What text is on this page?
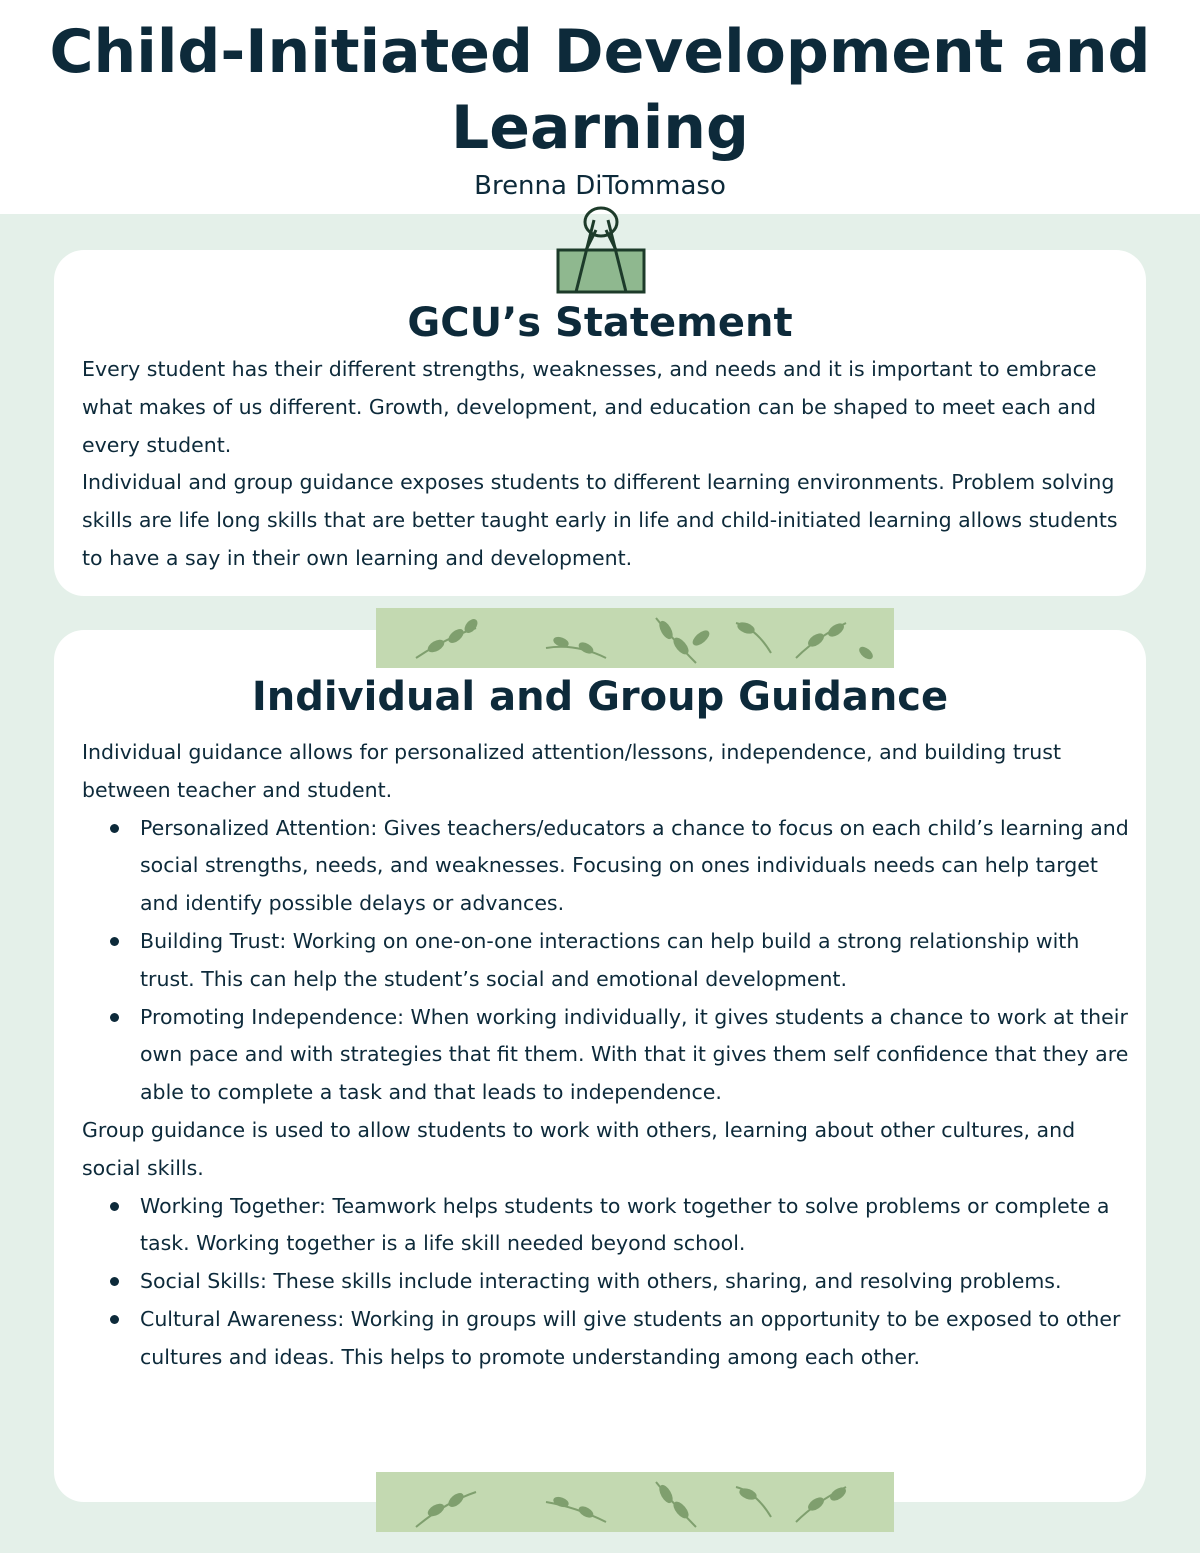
Child-Initiated Development and Learning
Brenna DiTommaso
GCU’s Statement

Every student has their different strengths, weaknesses, and needs and it is important to embrace what makes of us different. Growth, development, and education can be shaped to meet each and every student.

Individual and group guidance exposes students to different learning environments. Problem solving skills are life long skills that are better taught early in life and child-initiated learning allows students to have a say in their own learning and development.

Individual and Group Guidance

Individual guidance allows for personalized attention/lessons, independence, and building trust between teacher and student.

Personalized Attention: Gives teachers/educators a chance to focus on each child’s learning and social strengths, needs, and weaknesses. Focusing on ones individuals needs can help target and identify possible delays or advances.
Building Trust: Working on one-on-one interactions can help build a strong relationship with trust. This can help the student’s social and emotional development.
Promoting Independence: When working individually, it gives students a chance to work at their own pace and with strategies that fit them. With that it gives them self confidence that they are able to complete a task and that leads to independence.

Group guidance is used to allow students to work with others, learning about other cultures, and social skills.

Working Together: Teamwork helps students to work together to solve problems or complete a task. Working together is a life skill needed beyond school.
Social Skills: These skills include interacting with others, sharing, and resolving problems.
Cultural Awareness: Working in groups will give students an opportunity to be exposed to other cultures and ideas. This helps to promote understanding among each other.
